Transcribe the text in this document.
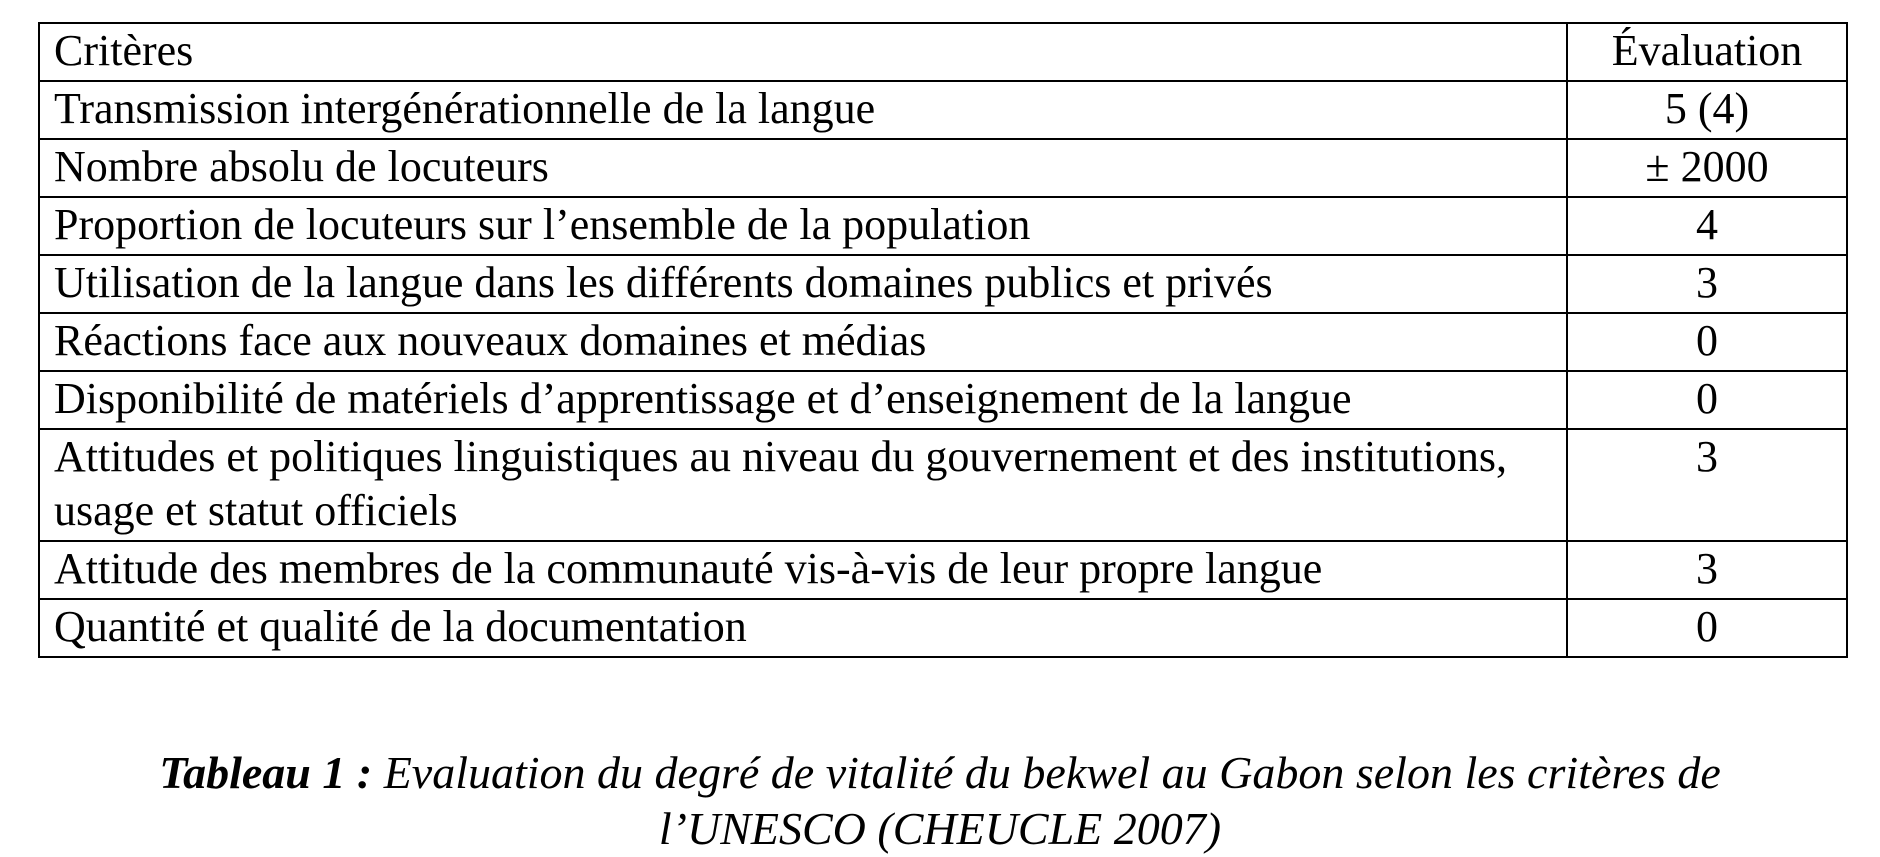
Critères	Évaluation
Transmission intergénérationnelle de la langue	5 (4)
Nombre absolu de locuteurs	± 2000
Proportion de locuteurs sur l’ensemble de la population	4
Utilisation de la langue dans les différents domaines publics et privés	3
Réactions face aux nouveaux domaines et médias	0
Disponibilité de matériels d’apprentissage et d’enseignement de la langue	0
Attitudes et politiques linguistiques au niveau du gouvernement et des institutions, usage et statut officiels	3
Attitude des membres de la communauté vis-à-vis de leur propre langue	3
Quantité et qualité de la documentation	0
Tableau 1 : Evaluation du degré de vitalité du bekwel au Gabon selon les critères de l’UNESCO (CHEUCLE 2007)
